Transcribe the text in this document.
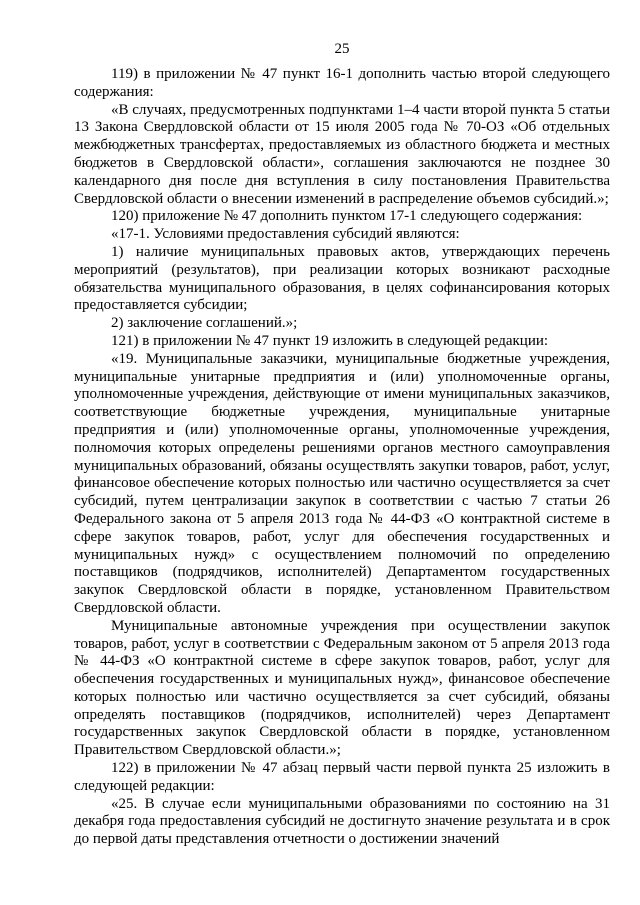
25

119) в приложении № 47 пункт 16-1 дополнить частью второй следующего содержания:

«В случаях, предусмотренных подпунктами 1–4 части второй пункта 5 статьи 13 Закона Свердловской области от 15 июля 2005 года № 70-ОЗ «Об отдельных межбюджетных трансфертах, предоставляемых из областного бюджета и местных бюджетов в Свердловской области», соглашения заключаются не позднее 30 календарного дня после дня вступления в силу постановления Правительства Свердловской области о внесении изменений в распределение объемов субсидий.»;

120) приложение № 47 дополнить пунктом 17-1 следующего содержания:

«17-1. Условиями предоставления субсидий являются:

1) наличие муниципальных правовых актов, утверждающих перечень мероприятий (результатов), при реализации которых возникают расходные обязательства муниципального образования, в целях софинансирования которых предоставляется субсидии;

2) заключение соглашений.»;

121) в приложении № 47 пункт 19 изложить в следующей редакции:

«19. Муниципальные заказчики, муниципальные бюджетные учреждения, муниципальные унитарные предприятия и (или) уполномоченные органы, уполномоченные учреждения, действующие от имени муниципальных заказчиков, соответствующие бюджетные учреждения, муниципальные унитарные предприятия и (или) уполномоченные органы, уполномоченные учреждения, полномочия которых определены решениями органов местного самоуправления муниципальных образований, обязаны осуществлять закупки товаров, работ, услуг, финансовое обеспечение которых полностью или частично осуществляется за счет субсидий, путем централизации закупок в соответствии с частью 7 статьи 26 Федерального закона от 5 апреля 2013 года № 44-ФЗ «О контрактной системе в сфере закупок товаров, работ, услуг для обеспечения государственных и муниципальных нужд» с осуществлением полномочий по определению поставщиков (подрядчиков, исполнителей) Департаментом государственных закупок Свердловской области в порядке, установленном Правительством Свердловской области.

Муниципальные автономные учреждения при осуществлении закупок товаров, работ, услуг в соответствии с Федеральным законом от 5 апреля 2013 года № 44-ФЗ «О контрактной системе в сфере закупок товаров, работ, услуг для обеспечения государственных и муниципальных нужд», финансовое обеспечение которых полностью или частично осуществляется за счет субсидий, обязаны определять поставщиков (подрядчиков, исполнителей) через Департамент государственных закупок Свердловской области в порядке, установленном Правительством Свердловской области.»;

122) в приложении № 47 абзац первый части первой пункта 25 изложить в следующей редакции:

«25. В случае если муниципальными образованиями по состоянию на 31 декабря года предоставления субсидий не достигнуто значение результата и в срок до первой даты представления отчетности о достижении значений
